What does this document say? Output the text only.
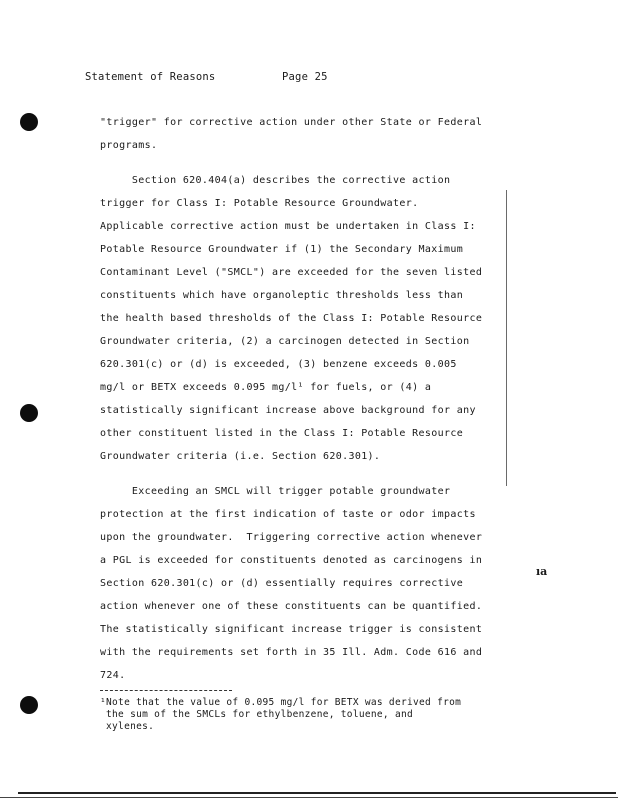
Statement of Reasons	Page 25
"trigger" for corrective action under other State or Federal
programs.
Section 620.404(a) describes the corrective action
trigger for Class I: Potable Resource Groundwater.
Applicable corrective action must be undertaken in Class I:
Potable Resource Groundwater if (1) the Secondary Maximum
Contaminant Level ("SMCL") are exceeded for the seven listed
constituents which have organoleptic thresholds less than
the health based thresholds of the Class I: Potable Resource
Groundwater criteria, (2) a carcinogen detected in Section
620.301(c) or (d) is exceeded, (3) benzene exceeds 0.005
mg/l or BETX exceeds 0.095 mg/l¹ for fuels, or (4) a
statistically significant increase above background for any
other constituent listed in the Class I: Potable Resource
Groundwater criteria (i.e. Section 620.301).
Exceeding an SMCL will trigger potable groundwater
protection at the first indication of taste or odor impacts
upon the groundwater.  Triggering corrective action whenever
a PGL is exceeded for constituents denoted as carcinogens in
Section 620.301(c) or (d) essentially requires corrective
action whenever one of these constituents can be quantified.
The statistically significant increase trigger is consistent
with the requirements set forth in 35 Ill. Adm. Code 616 and
724.
ıa
¹Note that the value of 0.095 mg/l for BETX was derived from
the sum of the SMCLs for ethylbenzene, toluene, and
xylenes.
